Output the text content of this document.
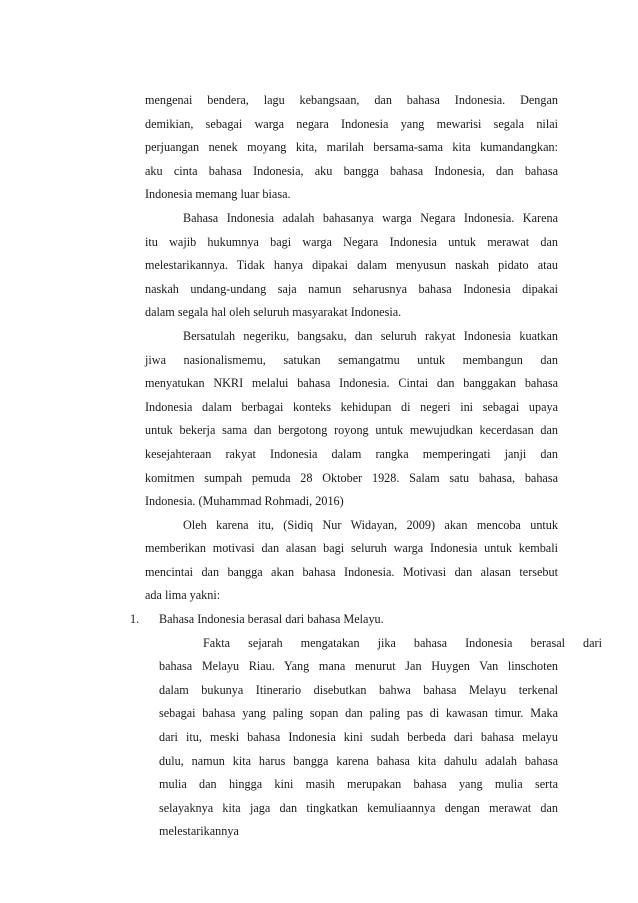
mengenai bendera, lagu kebangsaan, dan bahasa Indonesia. Dengan
demikian, sebagai warga negara Indonesia yang mewarisi segala nilai
perjuangan nenek moyang kita, marilah bersama-sama kita kumandangkan:
aku cinta bahasa Indonesia, aku bangga bahasa Indonesia, dan bahasa
Indonesia memang luar biasa.
Bahasa Indonesia adalah bahasanya warga Negara Indonesia. Karena
itu wajib hukumnya bagi warga Negara Indonesia untuk merawat dan
melestarikannya. Tidak hanya dipakai dalam menyusun naskah pidato atau
naskah undang-undang saja namun seharusnya bahasa Indonesia dipakai
dalam segala hal oleh seluruh masyarakat Indonesia.
Bersatulah negeriku, bangsaku, dan seluruh rakyat Indonesia kuatkan
jiwa nasionalismemu, satukan semangatmu untuk membangun dan
menyatukan NKRI melalui bahasa Indonesia. Cintai dan banggakan bahasa
Indonesia dalam berbagai konteks kehidupan di negeri ini sebagai upaya
untuk bekerja sama dan bergotong royong untuk mewujudkan kecerdasan dan
kesejahteraan rakyat Indonesia dalam rangka memperingati janji dan
komitmen sumpah pemuda 28 Oktober 1928. Salam satu bahasa, bahasa
Indonesia. (Muhammad Rohmadi, 2016)
Oleh karena itu, (Sidiq Nur Widayan, 2009) akan mencoba untuk
memberikan motivasi dan alasan bagi seluruh warga Indonesia untuk kembali
mencintai dan bangga akan bahasa Indonesia. Motivasi dan alasan tersebut
ada lima yakni:
1.	Bahasa Indonesia berasal dari bahasa Melayu.
Fakta sejarah mengatakan jika bahasa Indonesia berasal dari
bahasa Melayu Riau. Yang mana menurut Jan Huygen Van linschoten
dalam bukunya Itinerario disebutkan bahwa bahasa Melayu terkenal
sebagai bahasa yang paling sopan dan paling pas di kawasan timur. Maka
dari itu, meski bahasa Indonesia kini sudah berbeda dari bahasa melayu
dulu, namun kita harus bangga karena bahasa kita dahulu adalah bahasa
mulia dan hingga kini masih merupakan bahasa yang mulia serta
selayaknya kita jaga dan tingkatkan kemuliaannya dengan merawat dan
melestarikannya
